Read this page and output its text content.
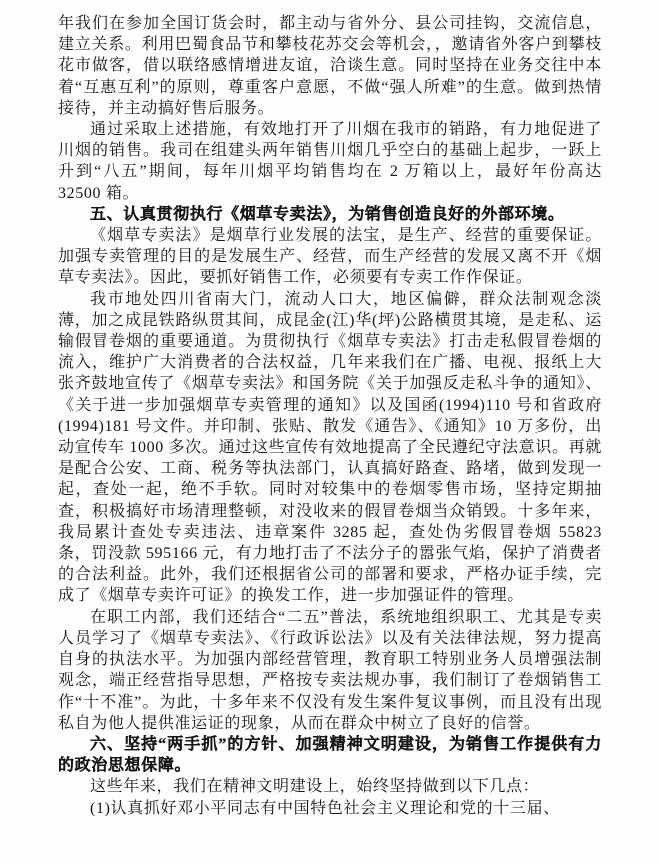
年我们在参加全国订货会时，都主动与省外分、县公司挂钩，交流信息，建立关系。利用巴蜀食品节和攀枝花苏交会等机会，，邀请省外客户到攀枝花市做客，借以联络感情增进友谊，洽谈生意。同时坚持在业务交往中本着“互惠互利”的原则，尊重客户意愿，不做“强人所难”的生意。做到热情接待，并主动搞好售后服务。

通过采取上述措施，有效地打开了川烟在我市的销路，有力地促进了川烟的销售。我司在组建头两年销售川烟几乎空白的基础上起步，一跃上升到“八五”期间，每年川烟平均销售均在 2 万箱以上，最好年份高达 32500 箱。

五、认真贯彻执行《烟草专卖法》，为销售创造良好的外部环境。

《烟草专卖法》是烟草行业发展的法宝，是生产、经营的重要保证。加强专卖管理的目的是发展生产、经营，而生产经营的发展又离不开《烟草专卖法》。因此，要抓好销售工作，必须要有专卖工作作保证。

我市地处四川省南大门，流动人口大，地区偏僻，群众法制观念淡薄，加之成昆铁路纵贯其间，成昆金(江)华(坪)公路横贯其境，是走私、运输假冒卷烟的重要通道。为贯彻执行《烟草专卖法》打击走私假冒卷烟的流入，维护广大消费者的合法权益，几年来我们在广播、电视、报纸上大张齐鼓地宣传了《烟草专卖法》和国务院《关于加强反走私斗争的通知》、《关于进一步加强烟草专卖管理的通知》以及国函(1994)110 号和省政府(1994)181 号文件。并印制、张贴、散发《通告》、《通知》10 万多份，出动宣传车 1000 多次。通过这些宣传有效地提高了全民遵纪守法意识。再就是配合公安、工商、税务等执法部门，认真搞好路查、路堵，做到发现一起，查处一起，绝不手软。同时对较集中的卷烟零售市场，坚持定期抽查，积极搞好市场清理整顿，对没收来的假冒卷烟当众销毁。十多年来，我局累计查处专卖违法、违章案件 3285 起，查处伪劣假冒卷烟 55823 条，罚没款 595166 元，有力地打击了不法分子的嚣张气焰，保护了消费者的合法利益。此外，我们还根据省公司的部署和要求，严格办证手续，完成了《烟草专卖许可证》的换发工作，进一步加强证件的管理。

在职工内部，我们还结合“二五”普法，系统地组织职工、尤其是专卖人员学习了《烟草专卖法》、《行政诉讼法》以及有关法律法规，努力提高自身的执法水平。为加强内部经营管理，教育职工特别业务人员增强法制观念，端正经营指导思想，严格按专卖法规办事，我们制订了卷烟销售工作“十不准”。为此，十多年来不仅没有发生案件复议事例，而且没有出现私自为他人提供准运证的现象，从而在群众中树立了良好的信誉。

六、坚持“两手抓”的方针、加强精神文明建设，为销售工作提供有力的政治思想保障。

这些年来，我们在精神文明建设上，始终坚持做到以下几点：

(1)认真抓好邓小平同志有中国特色社会主义理论和党的十三届、
